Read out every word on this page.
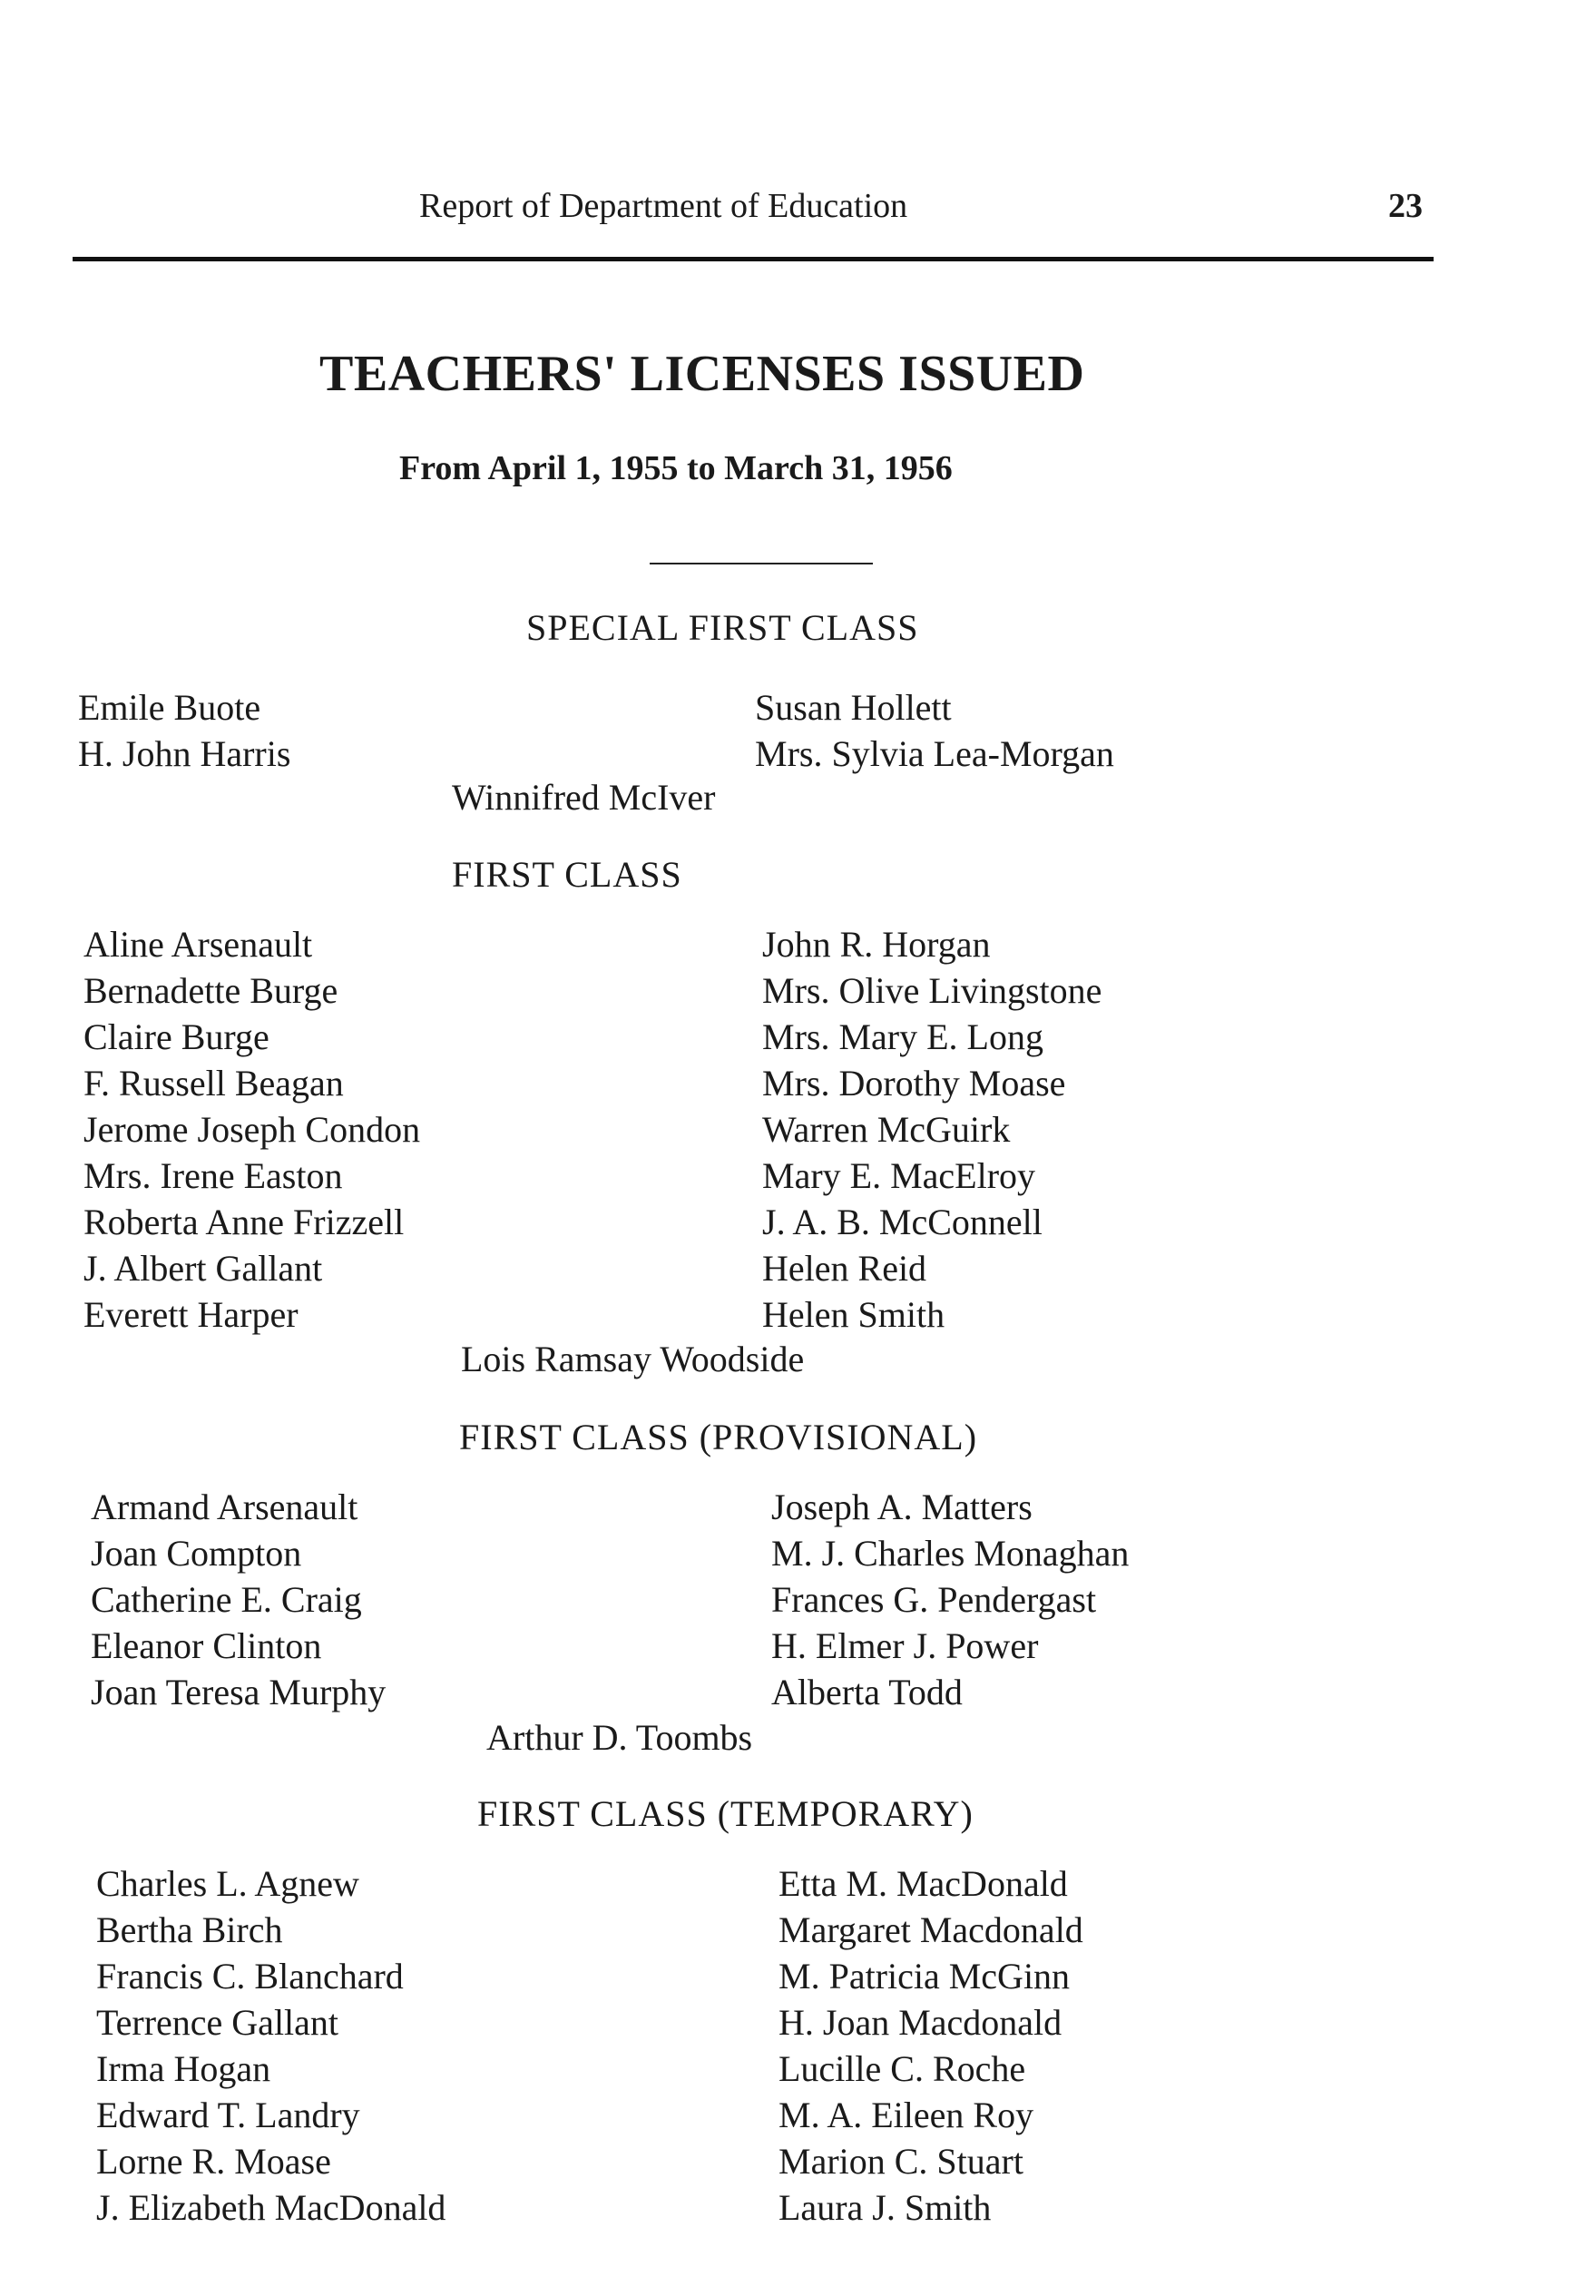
Report of Department of Education	23
TEACHERS' LICENSES ISSUED
From April 1, 1955 to March 31, 1956
SPECIAL FIRST CLASS
Emile Buote
H. John Harris
Susan Hollett
Mrs. Sylvia Lea-Morgan
Winnifred McIver
FIRST CLASS
Aline Arsenault
Bernadette Burge
Claire Burge
F. Russell Beagan
Jerome Joseph Condon
Mrs. Irene Easton
Roberta Anne Frizzell
J. Albert Gallant
Everett Harper
John R. Horgan
Mrs. Olive Livingstone
Mrs. Mary E. Long
Mrs. Dorothy Moase
Warren McGuirk
Mary E. MacElroy
J. A. B. McConnell
Helen Reid
Helen Smith
Lois Ramsay Woodside
FIRST CLASS (PROVISIONAL)
Armand Arsenault
Joan Compton
Catherine E. Craig
Eleanor Clinton
Joan Teresa Murphy
Joseph A. Matters
M. J. Charles Monaghan
Frances G. Pendergast
H. Elmer J. Power
Alberta Todd
Arthur D. Toombs
FIRST CLASS (TEMPORARY)
Charles L. Agnew
Bertha Birch
Francis C. Blanchard
Terrence Gallant
Irma Hogan
Edward T. Landry
Lorne R. Moase
J. Elizabeth MacDonald
Etta M. MacDonald
Margaret Macdonald
M. Patricia McGinn
H. Joan Macdonald
Lucille C. Roche
M. A. Eileen Roy
Marion C. Stuart
Laura J. Smith
